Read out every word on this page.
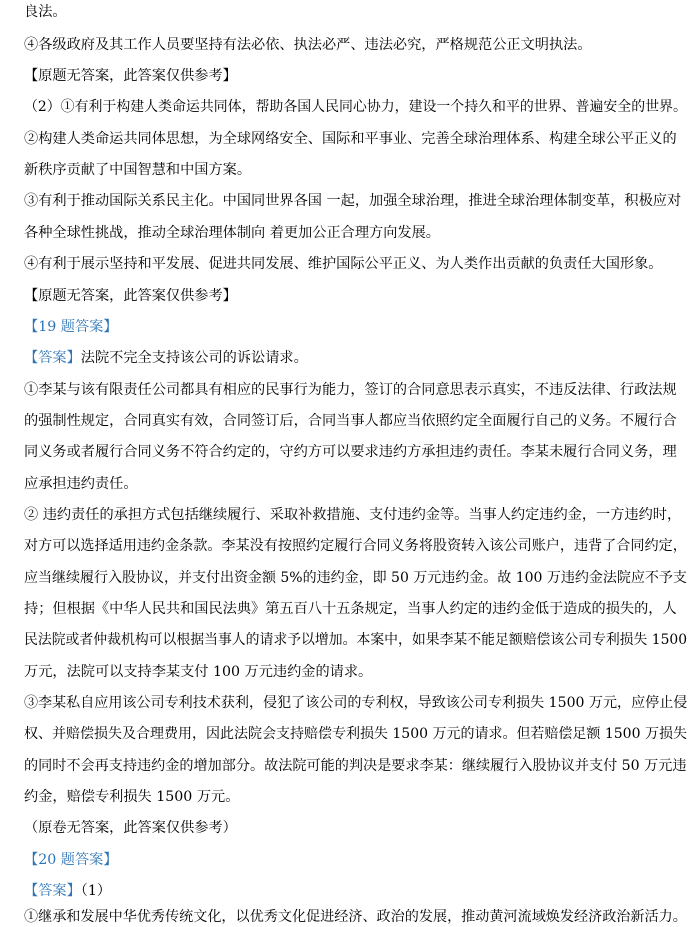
良法。
④各级政府及其工作人员要坚持有法必依、执法必严、违法必究，严格规范公正文明执法。
【原题无答案，此答案仅供参考】
（2）①有利于构建人类命运共同体，帮助各国人民同心协力，建设一个持久和平的世界、普遍安全的世界。
②构建人类命运共同体思想，为全球网络安全、国际和平事业、完善全球治理体系、构建全球公平正义的
新秩序贡献了中国智慧和中国方案。
③有利于推动国际关系民主化。中国同世界各国 一起，加强全球治理，推进全球治理体制变革，积极应对
各种全球性挑战，推动全球治理体制向 着更加公正合理方向发展。
④有利于展示坚持和平发展、促进共同发展、维护国际公平正义、为人类作出贡献的负责任大国形象。
【原题无答案，此答案仅供参考】
【19 题答案】
【答案】法院不完全支持该公司的诉讼请求。
①李某与该有限责任公司都具有相应的民事行为能力，签订的合同意思表示真实，不违反法律、行政法规
的强制性规定，合同真实有效，合同签订后，合同当事人都应当依照约定全面履行自己的义务。不履行合
同义务或者履行合同义务不符合约定的，守约方可以要求违约方承担违约责任。李某未履行合同义务，理
应承担违约责任。
② 违约责任的承担方式包括继续履行、采取补救措施、支付违约金等。当事人约定违约金，一方违约时，
对方可以选择适用违约金条款。李某没有按照约定履行合同义务将股资转入该公司账户，违背了合同约定，
应当继续履行入股协议，并支付出资金额 5%的违约金，即 50 万元违约金。故 100 万违约金法院应不予支
持；但根据《中华人民共和国民法典》第五百八十五条规定，当事人约定的违约金低于造成的损失的，人
民法院或者仲裁机构可以根据当事人的请求予以增加。本案中，如果李某不能足额赔偿该公司专利损失 1500
万元，法院可以支持李某支付 100 万元违约金的请求。
③李某私自应用该公司专利技术获利，侵犯了该公司的专利权，导致该公司专利损失 1500 万元，应停止侵
权、并赔偿损失及合理费用，因此法院会支持赔偿专利损失 1500 万元的请求。但若赔偿足额 1500 万损失
的同时不会再支持违约金的增加部分。故法院可能的判决是要求李某：继续履行入股协议并支付 50 万元违
约金，赔偿专利损失 1500 万元。
（原卷无答案，此答案仅供参考）
【20 题答案】
【答案】（1）
①继承和发展中华优秀传统文化，以优秀文化促进经济、政治的发展，推动黄河流域焕发经济政治新活力。
